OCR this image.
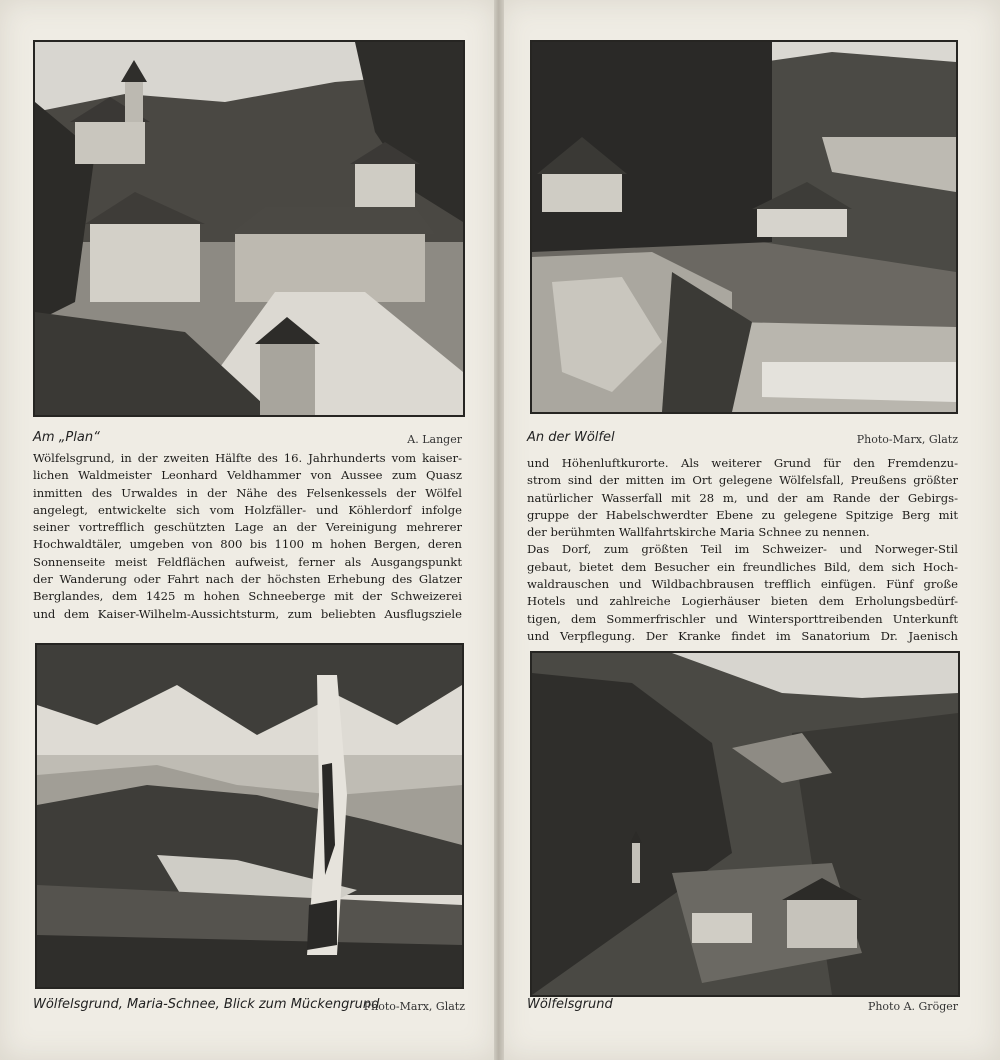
Am „Plan“	A. Langer
Wölfelsgrund, in der zweiten Hälfte des 16. Jahrhunderts vom kaiser-
lichen Waldmeister Leonhard Veldhammer von Aussee zum Quasz
inmitten des Urwaldes in der Nähe des Felsenkessels der Wölfel
angelegt, entwickelte sich vom Holzfäller- und Köhlerdorf infolge
seiner vortrefflich geschützten Lage an der Vereinigung mehrerer
Hochwaldtäler, umgeben von 800 bis 1100 m hohen Bergen, deren
Sonnenseite meist Feldflächen aufweist, ferner als Ausgangspunkt
der Wanderung oder Fahrt nach der höchsten Erhebung des Glatzer
Berglandes, dem 1425 m hohen Schneeberge mit der Schweizerei
und dem Kaiser-Wilhelm-Aussichtsturm, zum beliebten Ausflugsziele
Wölfelsgrund, Maria-Schnee, Blick zum Mückengrund
Photo-Marx, Glatz
An der Wölfel	Photo-Marx, Glatz
und Höhenluftkurorte. Als weiterer Grund für den Fremdenzu-
strom sind der mitten im Ort gelegene Wölfelsfall, Preußens größter
natürlicher Wasserfall mit 28 m, und der am Rande der Gebirgs-
gruppe der Habelschwerdter Ebene zu gelegene Spitzige Berg mit
der berühmten Wallfahrtskirche Maria Schnee zu nennen.
Das Dorf, zum größten Teil im Schweizer- und Norweger-Stil
gebaut, bietet dem Besucher ein freundliches Bild, dem sich Hoch-
waldrauschen und Wildbachbrausen trefflich einfügen. Fünf große
Hotels und zahlreiche Logierhäuser bieten dem Erholungsbedürf-
tigen, dem Sommerfrischler und Wintersporttreibenden Unterkunft
und Verpflegung. Der Kranke findet im Sanatorium Dr. Jaenisch
Wölfelsgrund	Photo A. Gröger
